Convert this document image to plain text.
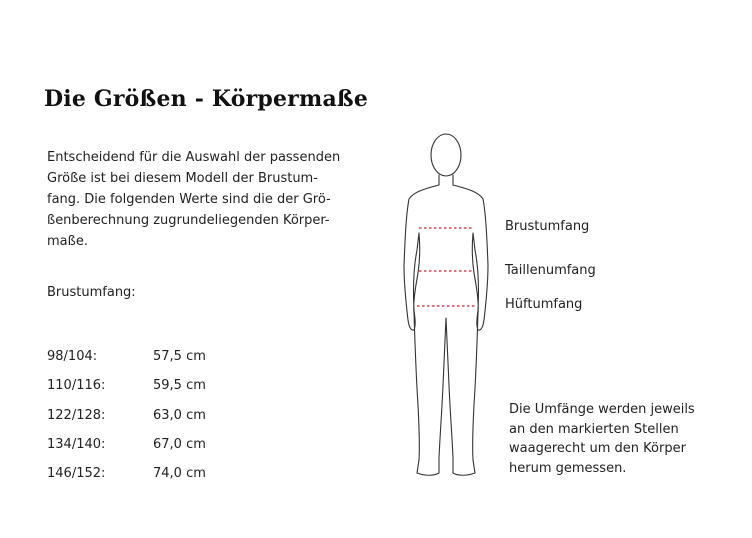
Die Größen - Körpermaße
Entscheidend für die Auswahl der passenden
Größe ist bei diesem Modell der Brustum-
fang. Die folgenden Werte sind die der Grö-
ßenberechnung zugrundeliegenden Körper-
maße.
Brustumfang:
98/104:	57,5 cm
110/116:	59,5 cm
122/128:	63,0 cm
134/140:	67,0 cm
146/152:	74,0 cm
Brustumfang
Taillenumfang
Hüftumfang
Die Umfänge werden jeweils
an den markierten Stellen
waagerecht um den Körper
herum gemessen.
